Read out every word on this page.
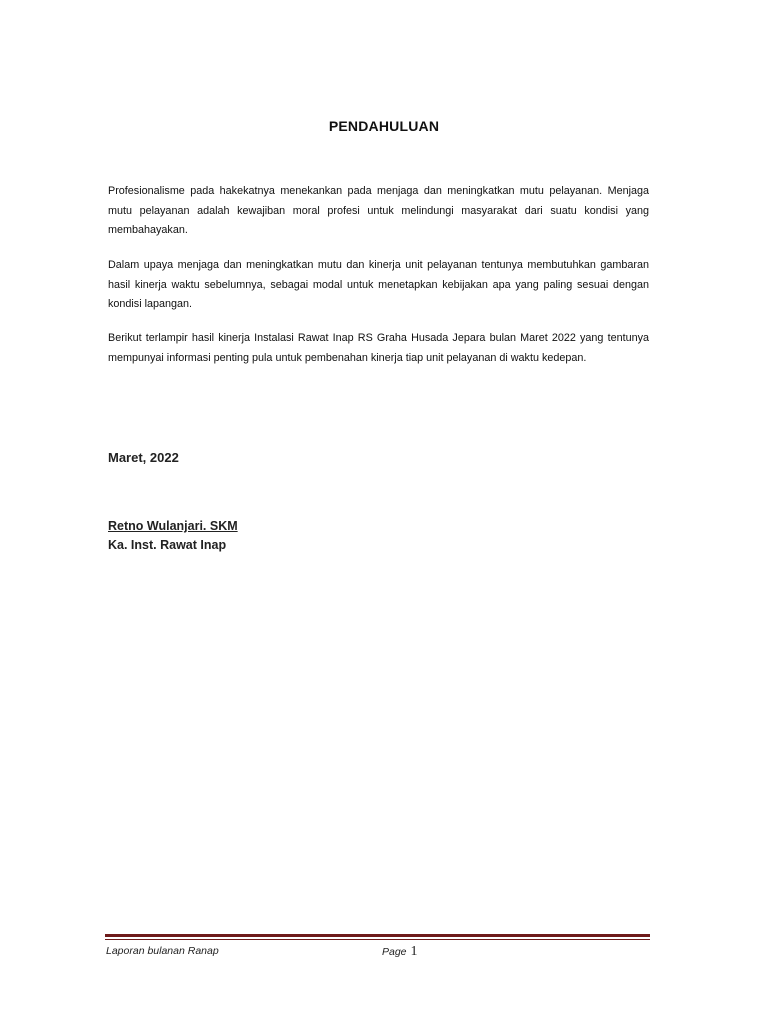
PENDAHULUAN

Profesionalisme pada hakekatnya menekankan pada menjaga dan meningkatkan mutu pelayanan. Menjaga mutu pelayanan adalah kewajiban moral profesi untuk melindungi masyarakat dari suatu kondisi yang membahayakan.

Dalam upaya menjaga dan meningkatkan mutu dan kinerja unit pelayanan tentunya membutuhkan gambaran hasil kinerja waktu sebelumnya, sebagai modal untuk menetapkan kebijakan apa yang paling sesuai dengan kondisi lapangan.

Berikut terlampir hasil kinerja Instalasi Rawat Inap RS Graha Husada Jepara bulan Maret 2022 yang tentunya mempunyai informasi penting pula untuk pembenahan kinerja tiap unit pelayanan di waktu kedepan.

Maret, 2022
Retno Wulanjari. SKM
Ka. Inst. Rawat Inap
Laporan bulanan Ranap	Page 1
